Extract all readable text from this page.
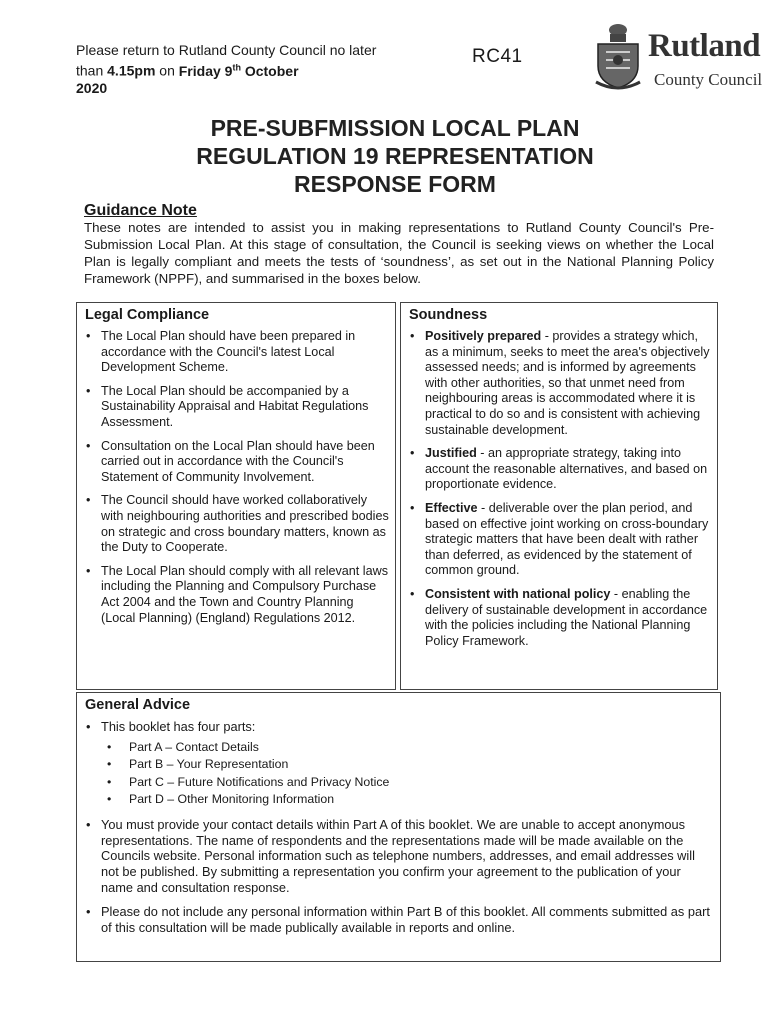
Please return to Rutland County Council no later than 4.15pm on Friday 9th October
2020
RC41	Rutland
County Council
PRE-SUBFMISSION LOCAL PLAN
REGULATION 19 REPRESENTATION
RESPONSE FORM
Guidance Note
These notes are intended to assist you in making representations to Rutland County Council's Pre-Submission Local Plan. At this stage of consultation, the Council is seeking views on whether the Local Plan is legally compliant and meets the tests of ‘soundness’, as set out in the National Planning Policy Framework (NPPF), and summarised in the boxes below.
Legal Compliance
• The Local Plan should have been prepared in accordance with the Council's latest Local Development Scheme.
• The Local Plan should be accompanied by a Sustainability Appraisal and Habitat Regulations Assessment.
• Consultation on the Local Plan should have been carried out in accordance with the Council's Statement of Community Involvement.
• The Council should have worked collaboratively with neighbouring authorities and prescribed bodies on strategic and cross boundary matters, known as the Duty to Cooperate.
• The Local Plan should comply with all relevant laws including the Planning and Compulsory Purchase Act 2004 and the Town and Country Planning (Local Planning) (England) Regulations 2012.
Soundness
• Positively prepared - provides a strategy which, as a minimum, seeks to meet the area's objectively assessed needs; and is informed by agreements with other authorities, so that unmet need from neighbouring areas is accommodated where it is practical to do so and is consistent with achieving sustainable development.
• Justified - an appropriate strategy, taking into account the reasonable alternatives, and based on proportionate evidence.
• Effective - deliverable over the plan period, and based on effective joint working on cross-boundary strategic matters that have been dealt with rather than deferred, as evidenced by the statement of common ground.
• Consistent with national policy - enabling the delivery of sustainable development in accordance with the policies including the National Planning Policy Framework.
General Advice
• This booklet has four parts:
• Part A – Contact Details
• Part B – Your Representation
• Part C – Future Notifications and Privacy Notice
• Part D – Other Monitoring Information
• You must provide your contact details within Part A of this booklet. We are unable to accept anonymous representations. The name of respondents and the representations made will be made available on the Councils website. Personal information such as telephone numbers, addresses, and email addresses will not be published. By submitting a representation you confirm your agreement to the publication of your name and consultation response.
• Please do not include any personal information within Part B of this booklet. All comments submitted as part of this consultation will be made publically available in reports and online.
